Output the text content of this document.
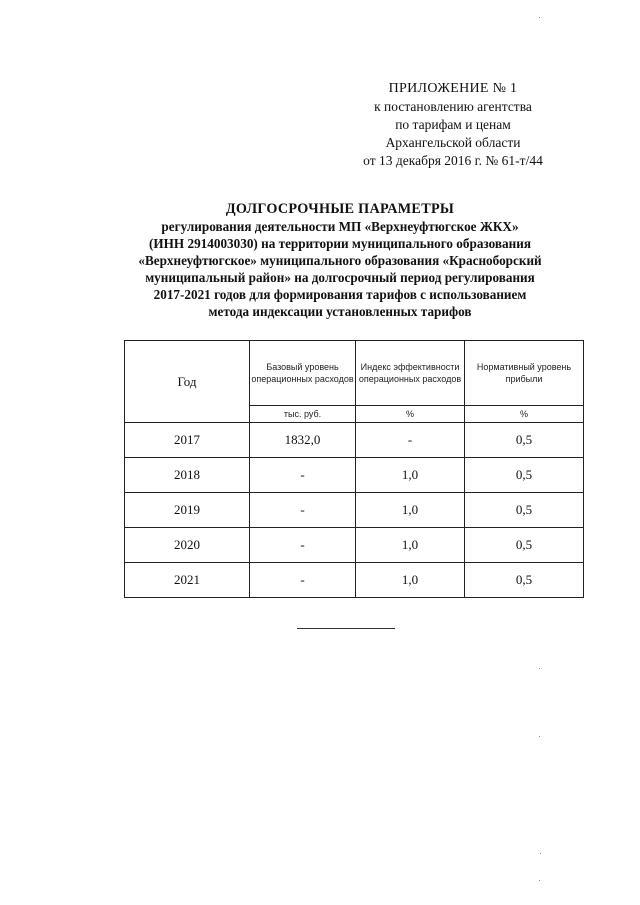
ПРИЛОЖЕНИЕ № 1
к постановлению агентства
по тарифам и ценам
Архангельской области
от 13 декабря 2016 г. № 61-т/44
ДОЛГОСРОЧНЫЕ ПАРАМЕТРЫ
регулирования деятельности МП «Верхнеуфтюгское ЖКХ»
(ИНН 2914003030) на территории муниципального образования
«Верхнеуфтюгское» муниципального образования «Красноборский
муниципальный район» на долгосрочный период регулирования
2017-2021 годов для формирования тарифов с использованием
метода индексации установленных тарифов
Год	Базовый уровень операционных расходов	Индекс эффективности операционных расходов	Нормативный уровень прибыли
	тыс. руб.	%	%
2017	1832,0	-	0,5
2018	-	1,0	0,5
2019	-	1,0	0,5
2020	-	1,0	0,5
2021	-	1,0	0,5
